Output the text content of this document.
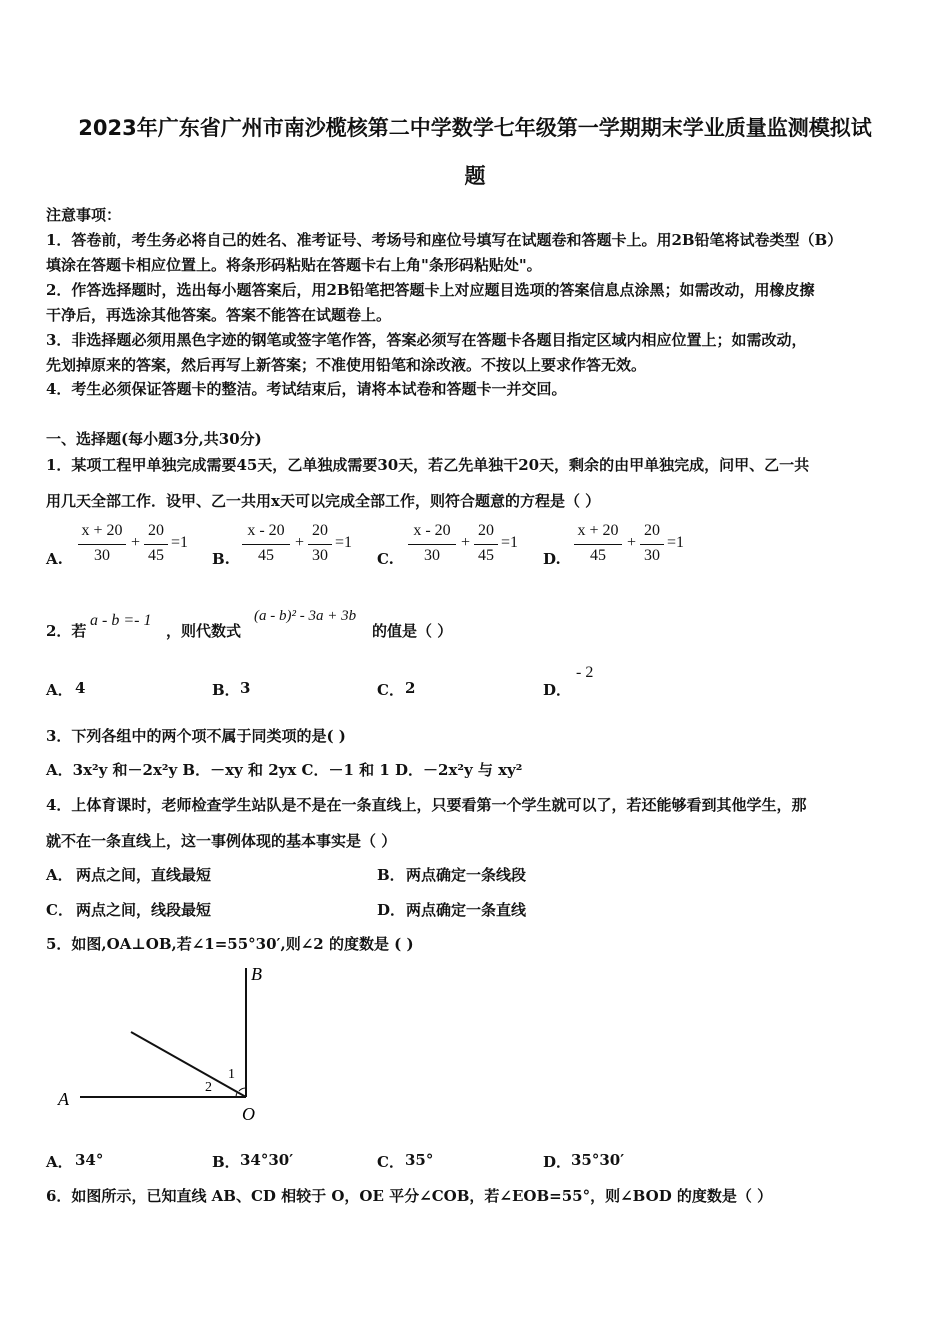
2023年广东省广州市南沙榄核第二中学数学七年级第一学期期末学业质量监测模拟试
题
注意事项：
1．答卷前，考生务必将自己的姓名、准考证号、考场号和座位号填写在试题卷和答题卡上。用2B铅笔将试卷类型（B）
填涂在答题卡相应位置上。将条形码粘贴在答题卡右上角"条形码粘贴处"。
2．作答选择题时，选出每小题答案后，用2B铅笔把答题卡上对应题目选项的答案信息点涂黑；如需改动，用橡皮擦
干净后，再选涂其他答案。答案不能答在试题卷上。
3．非选择题必须用黑色字迹的钢笔或签字笔作答，答案必须写在答题卡各题目指定区域内相应位置上；如需改动，
先划掉原来的答案，然后再写上新答案；不准使用铅笔和涂改液。不按以上要求作答无效。
4．考生必须保证答题卡的整洁。考试结束后，请将本试卷和答题卡一并交回。
一、选择题(每小题3分,共30分)
1．某项工程甲单独完成需要45天，乙单独成需要30天，若乙先单独干20天，剩余的由甲单独完成，问甲、乙一共
用几天全部工作．设甲、乙一共用x天可以完成全部工作，则符合题意的方程是（ ）
A.
x + 20
30
+
20
45
=1
B.
x - 20
45
+
20
30
=1
C.
x - 20
30
+
20
45
=1
D.
x + 20
45
+
20
30
=1
2．若
a - b =- 1
，则代数式
(a - b)² - 3a + 3b
的值是（ ）
A． 4	B． 3	C． 2	D．
- 2
3．下列各组中的两个项不属于同类项的是( )
A．3x²y 和－2x²y B．－xy 和 2yx C．－1 和 1 D．－2x²y 与 xy²
4．上体育课时，老师检查学生站队是不是在一条直线上，只要看第一个学生就可以了，若还能够看到其他学生，那
就不在一条直线上，这一事例体现的基本事实是（ ）
A． 两点之间，直线最短	B． 两点确定一条线段
C． 两点之间，线段最短	D． 两点确定一条直线
5．如图,OA⊥OB,若∠1=55°30′,则∠2 的度数是 ( )
A
B
O
1
2
A． 34°	B． 34°30′	C． 35°	D． 35°30′
6．如图所示，已知直线 AB、CD 相较于 O，OE 平分∠COB，若∠EOB=55°，则∠BOD 的度数是（ ）
